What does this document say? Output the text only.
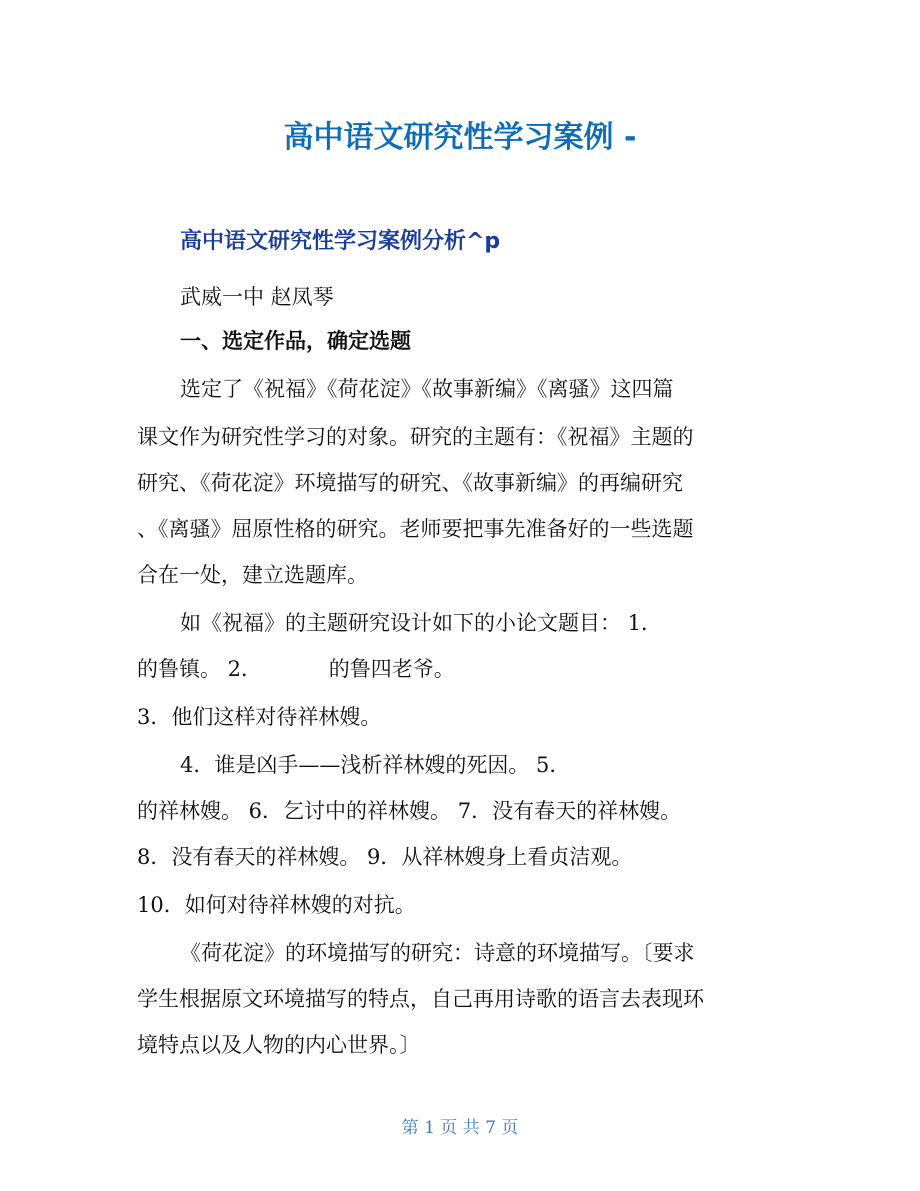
高中语文研究性学习案例 -
高中语文研究性学习案例分析^p

武威一中 赵凤琴

一、选定作品，确定选题

选定了《祝福》《荷花淀》《故事新编》《离骚》这四篇

课文作为研究性学习的对象。研究的主题有：《祝福》主题的

研究、《荷花淀》环境描写的研究、《故事新编》的再编研究

、《离骚》屈原性格的研究。老师要把事先准备好的一些选题

合在一处，建立选题库。

如《祝福》的主题研究设计如下的小论文题目： 1．

的鲁镇。 2．          的鲁四老爷。

3．他们这样对待祥林嫂。

4．谁是凶手——浅析祥林嫂的死因。 5．

的祥林嫂。 6．乞讨中的祥林嫂。 7．没有春天的祥林嫂。

8．没有春天的祥林嫂。 9．从祥林嫂身上看贞洁观。

10．如何对待祥林嫂的对抗。

《荷花淀》的环境描写的研究：诗意的环境描写。〔要求

学生根据原文环境描写的特点，自己再用诗歌的语言去表现环

境特点以及人物的内心世界。〕

第 1 页 共 7 页
